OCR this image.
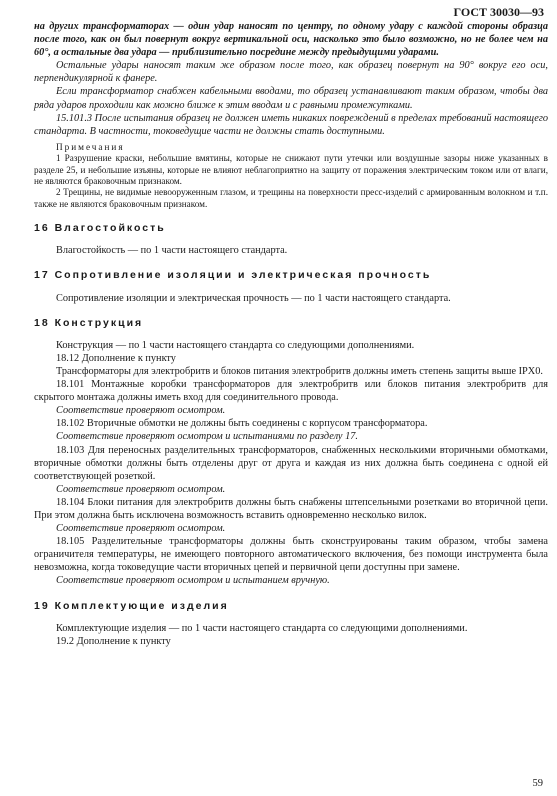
ГОСТ 30030—93

на других трансформаторах — один удар наносят по центру, по одному удару с каждой стороны образца после того, как он был повернут вокруг вертикальной оси, насколько это было возможно, но не более чем на 60°, а остальные два удара — приблизительно посредине между предыдущими ударами.

Остальные удары наносят таким же образом после того, как образец повернут на 90° вокруг его оси, перпендикулярной к фанере.

Если трансформатор снабжен кабельными вводами, то образец устанавливают таким образом, чтобы два ряда ударов проходили как можно ближе к этим вводам и с равными промежутками.

15.101.3 После испытания образец не должен иметь никаких повреждений в пределах требований настоящего стандарта. В частности, токоведущие части не должны стать доступными.

Примечания

1 Разрушение краски, небольшие вмятины, которые не снижают пути утечки или воздушные зазоры ниже указанных в разделе 25, и небольшие изъяны, которые не влияют неблагоприятно на защиту от поражения электрическим током или от влаги, не являются браковочным признаком.

2 Трещины, не видимые невооруженным глазом, и трещины на поверхности пресс-изделий с армированным волокном и т.п. также не являются браковочным признаком.

16 Влагостойкость

Влагостойкость — по 1 части настоящего стандарта.

17 Сопротивление изоляции и электрическая прочность

Сопротивление изоляции и электрическая прочность — по 1 части настоящего стандарта.

18 Конструкция

Конструкция — по 1 части настоящего стандарта со следующими дополнениями.

18.12 Дополнение к пункту

Трансформаторы для электробритв и блоков питания электробритв должны иметь степень защиты выше IPX0.

18.101 Монтажные коробки трансформаторов для электробритв или блоков питания электробритв для скрытого монтажа должны иметь вход для соединительного провода.

Соответствие проверяют осмотром.

18.102 Вторичные обмотки не должны быть соединены с корпусом трансформатора.

Соответствие проверяют осмотром и испытаниями по разделу 17.

18.103 Для переносных разделительных трансформаторов, снабженных несколькими вторичными обмотками, вторичные обмотки должны быть отделены друг от друга и каждая из них должна быть соединена с одной ей соответствующей розеткой.

Соответствие проверяют осмотром.

18.104 Блоки питания для электробритв должны быть снабжены штепсельными розетками во вторичной цепи. При этом должна быть исключена возможность вставить одновременно несколько вилок.

Соответствие проверяют осмотром.

18.105 Разделительные трансформаторы должны быть сконструированы таким образом, чтобы замена ограничителя температуры, не имеющего повторного автоматического включения, без помощи инструмента была невозможна, когда токоведущие части вторичных цепей и первичной цепи доступны при замене.

Соответствие проверяют осмотром и испытанием вручную.

19 Комплектующие изделия

Комплектующие изделия — по 1 части настоящего стандарта со следующими дополнениями.

19.2 Дополнение к пункту

59
